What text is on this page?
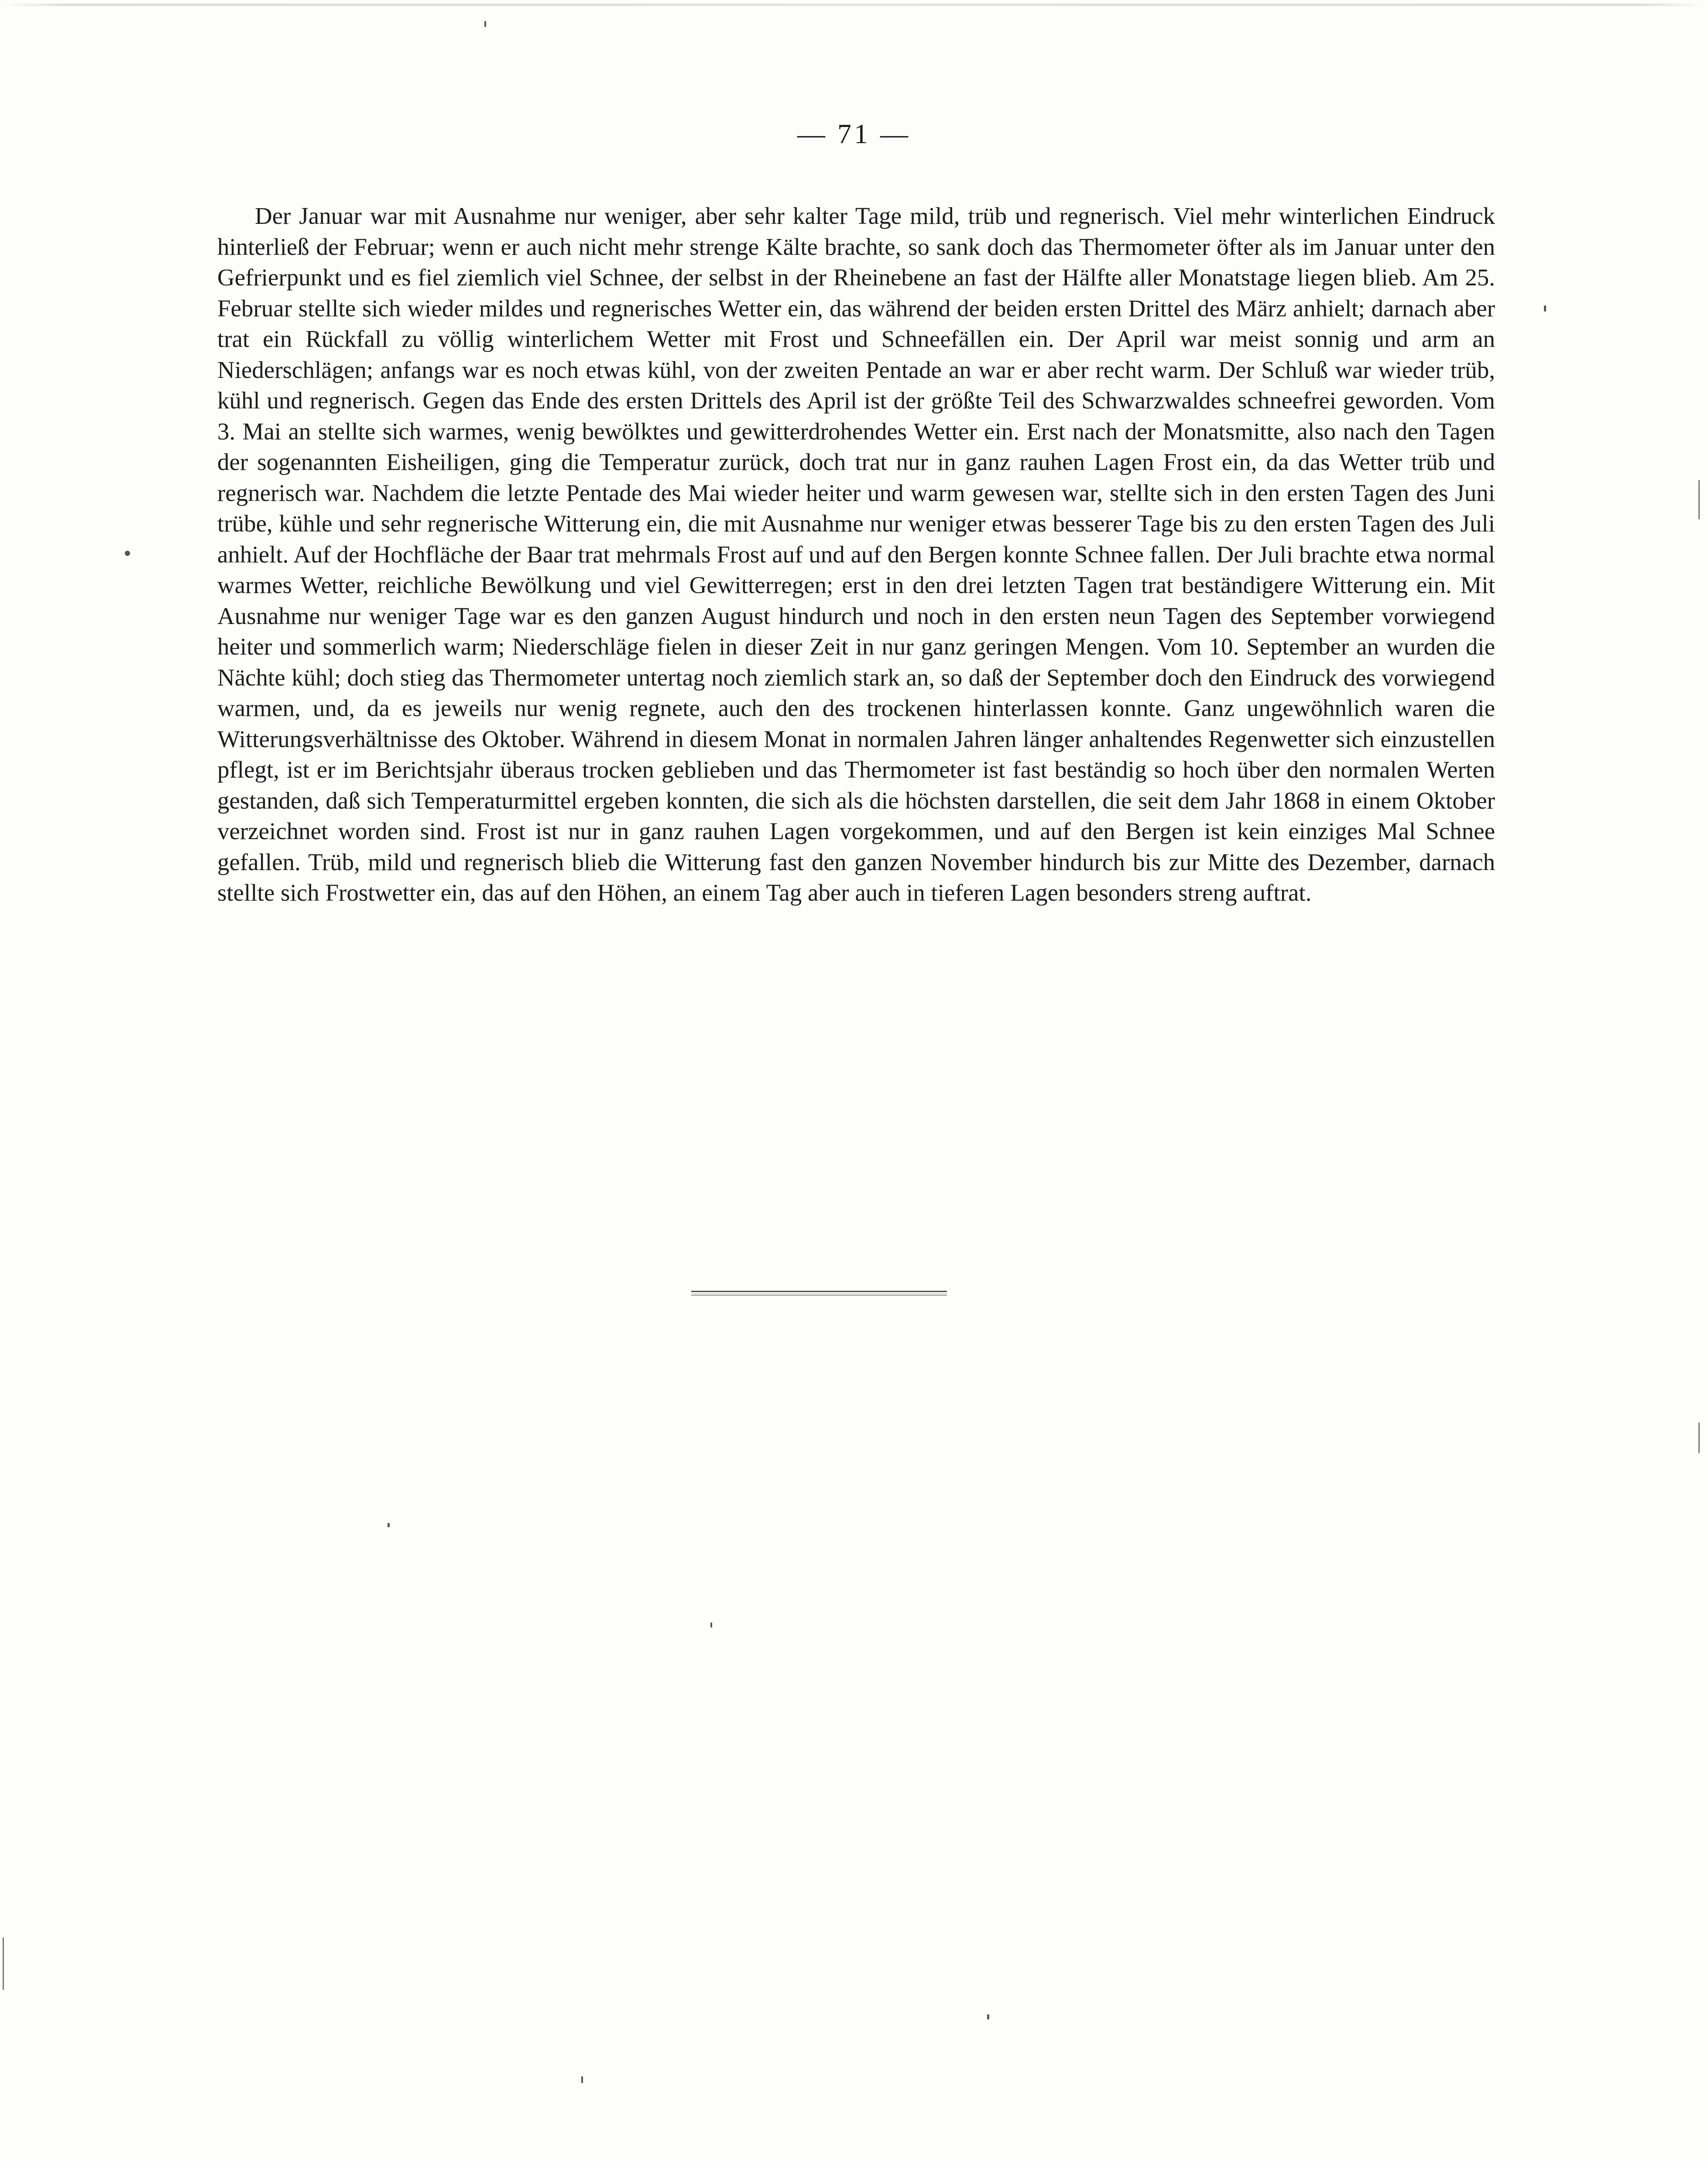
— 71 —
Der Januar war mit Ausnahme nur weniger, aber sehr kalter Tage mild, trüb und regnerisch. Viel mehr winterlichen Eindruck hinterließ der Februar; wenn er auch nicht mehr strenge Kälte brachte, so sank doch das Thermometer öfter als im Januar unter den Gefrierpunkt und es fiel ziemlich viel Schnee, der selbst in der Rheinebene an fast der Hälfte aller Monatstage liegen blieb. Am 25. Februar stellte sich wieder mildes und regnerisches Wetter ein, das während der beiden ersten Drittel des März anhielt; darnach aber trat ein Rückfall zu völlig winterlichem Wetter mit Frost und Schneefällen ein. Der April war meist sonnig und arm an Niederschlägen; anfangs war es noch etwas kühl, von der zweiten Pentade an war er aber recht warm. Der Schluß war wieder trüb, kühl und regnerisch. Gegen das Ende des ersten Drittels des April ist der größte Teil des Schwarzwaldes schneefrei geworden. Vom 3. Mai an stellte sich warmes, wenig bewölktes und gewitterdrohendes Wetter ein. Erst nach der Monatsmitte, also nach den Tagen der sogenannten Eisheiligen, ging die Temperatur zurück, doch trat nur in ganz rauhen Lagen Frost ein, da das Wetter trüb und regnerisch war. Nachdem die letzte Pentade des Mai wieder heiter und warm gewesen war, stellte sich in den ersten Tagen des Juni trübe, kühle und sehr regnerische Witterung ein, die mit Ausnahme nur weniger etwas besserer Tage bis zu den ersten Tagen des Juli anhielt. Auf der Hochfläche der Baar trat mehrmals Frost auf und auf den Bergen konnte Schnee fallen. Der Juli brachte etwa normal warmes Wetter, reichliche Bewölkung und viel Gewitterregen; erst in den drei letzten Tagen trat beständigere Witterung ein. Mit Ausnahme nur weniger Tage war es den ganzen August hindurch und noch in den ersten neun Tagen des September vorwiegend heiter und sommerlich warm; Niederschläge fielen in dieser Zeit in nur ganz geringen Mengen. Vom 10. September an wurden die Nächte kühl; doch stieg das Thermometer untertag noch ziemlich stark an, so daß der September doch den Eindruck des vorwiegend warmen, und, da es jeweils nur wenig regnete, auch den des trockenen hinterlassen konnte. Ganz ungewöhnlich waren die Witterungsverhältnisse des Oktober. Während in diesem Monat in normalen Jahren länger anhaltendes Regenwetter sich einzustellen pflegt, ist er im Berichtsjahr überaus trocken geblieben und das Thermometer ist fast beständig so hoch über den normalen Werten gestanden, daß sich Temperaturmittel ergeben konnten, die sich als die höchsten darstellen, die seit dem Jahr 1868 in einem Oktober verzeichnet worden sind. Frost ist nur in ganz rauhen Lagen vorgekommen, und auf den Bergen ist kein einziges Mal Schnee gefallen. Trüb, mild und regnerisch blieb die Witterung fast den ganzen November hindurch bis zur Mitte des Dezember, darnach stellte sich Frostwetter ein, das auf den Höhen, an einem Tag aber auch in tieferen Lagen besonders streng auftrat.
